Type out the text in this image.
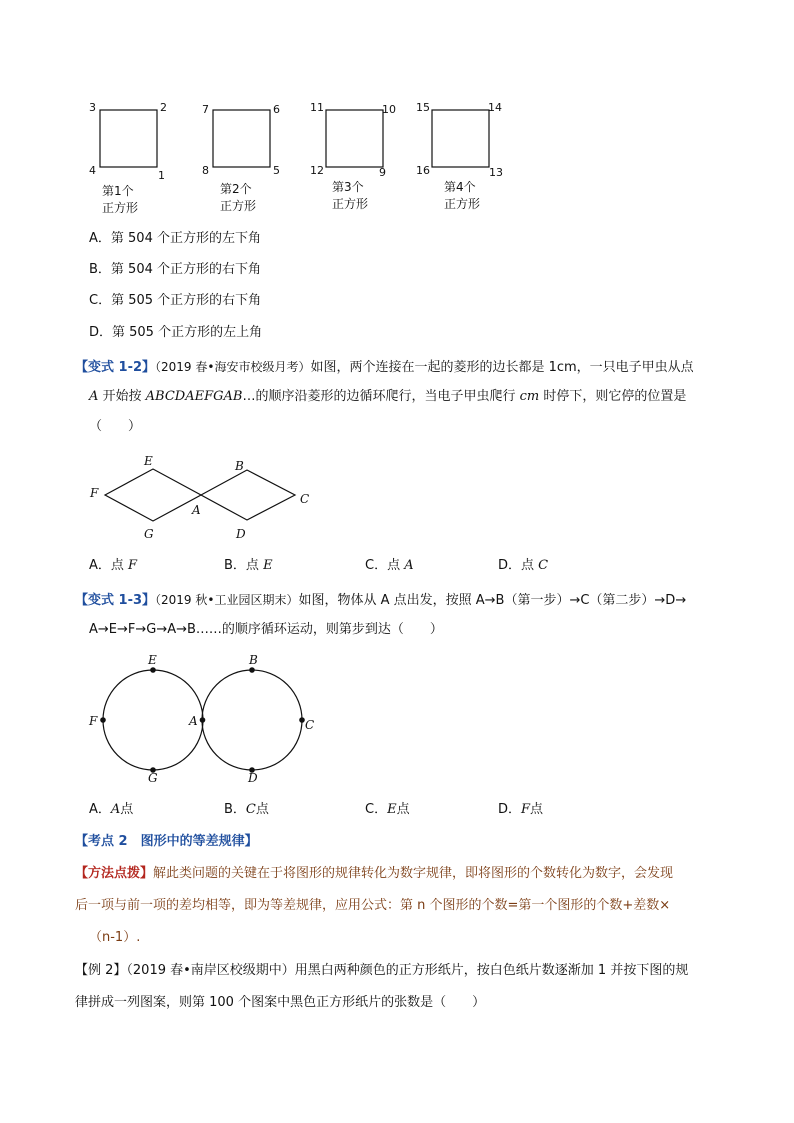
3	2
4	1
7	6
8	5
11	10
12	9
15	14
16	13
E	B
F	C
A
G	D
E	B
F	A	C
G	D
第1个
正方形
第2个
正方形
第3个
正方形
第4个
正方形
A．第 504 个正方形的左下角
B．第 504 个正方形的右下角
C．第 505 个正方形的右下角
D．第 505 个正方形的左上角
【变式 1-2】（2019 春•海安市校级月考）如图，两个连接在一起的菱形的边长都是 1cm，一只电子甲虫从点
A 开始按 ABCDAEFGAB…的顺序沿菱形的边循环爬行，当电子甲虫爬行 cm 时停下，则它停的位置是
（　　）
A．点 F	B．点 E	C．点 A	D．点 C
【变式 1-3】（2019 秋•工业园区期末）如图，物体从 A 点出发，按照 A→B（第一步）→C（第二步）→D→
A→E→F→G→A→B……的顺序循环运动，则第步到达（　　）
A．A点	B．C点	C．E点	D．F点
【考点 2　图形中的等差规律】
【方法点拨】解此类问题的关键在于将图形的规律转化为数字规律，即将图形的个数转化为数字，会发现
后一项与前一项的差均相等，即为等差规律，应用公式：第 n 个图形的个数=第一个图形的个数+差数×
（n-1）.
【例 2】（2019 春•南岸区校级期中）用黑白两种颜色的正方形纸片，按白色纸片数逐渐加 1 并按下图的规
律拼成一列图案，则第 100 个图案中黑色正方形纸片的张数是（　　）
